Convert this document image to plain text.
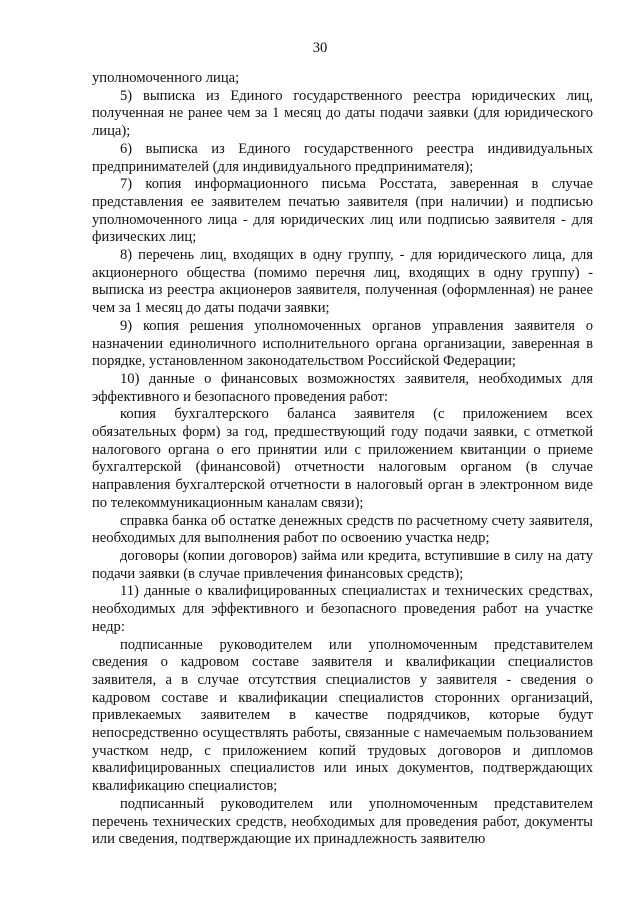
30

уполномоченного лица;

5) выписка из Единого государственного реестра юридических лиц, полученная не ранее чем за 1 месяц до даты подачи заявки (для юридического лица);

6) выписка из Единого государственного реестра индивидуальных предпринимателей (для индивидуального предпринимателя);

7) копия информационного письма Росстата, заверенная в случае представления ее заявителем печатью заявителя (при наличии) и подписью уполномоченного лица - для юридических лиц или подписью заявителя - для физических лиц;

8) перечень лиц, входящих в одну группу, - для юридического лица, для акционерного общества (помимо перечня лиц, входящих в одну группу) - выписка из реестра акционеров заявителя, полученная (оформленная) не ранее чем за 1 месяц до даты подачи заявки;

9) копия решения уполномоченных органов управления заявителя о назначении единоличного исполнительного органа организации, заверенная в порядке, установленном законодательством Российской Федерации;

10) данные о финансовых возможностях заявителя, необходимых для эффективного и безопасного проведения работ:

копия бухгалтерского баланса заявителя (с приложением всех обязательных форм) за год, предшествующий году подачи заявки, с отметкой налогового органа о его принятии или с приложением квитанции о приеме бухгалтерской (финансовой) отчетности налоговым органом (в случае направления бухгалтерской отчетности в налоговый орган в электронном виде по телекоммуникационным каналам связи);

справка банка об остатке денежных средств по расчетному счету заявителя, необходимых для выполнения работ по освоению участка недр;

договоры (копии договоров) займа или кредита, вступившие в силу на дату подачи заявки (в случае привлечения финансовых средств);

11) данные о квалифицированных специалистах и технических средствах, необходимых для эффективного и безопасного проведения работ на участке недр:

подписанные руководителем или уполномоченным представителем сведения о кадровом составе заявителя и квалификации специалистов заявителя, а в случае отсутствия специалистов у заявителя - сведения о кадровом составе и квалификации специалистов сторонних организаций, привлекаемых заявителем в качестве подрядчиков, которые будут непосредственно осуществлять работы, связанные с намечаемым пользованием участком недр, с приложением копий трудовых договоров и дипломов квалифицированных специалистов или иных документов, подтверждающих квалификацию специалистов;

подписанный руководителем или уполномоченным представителем перечень технических средств, необходимых для проведения работ, документы или сведения, подтверждающие их принадлежность заявителю
